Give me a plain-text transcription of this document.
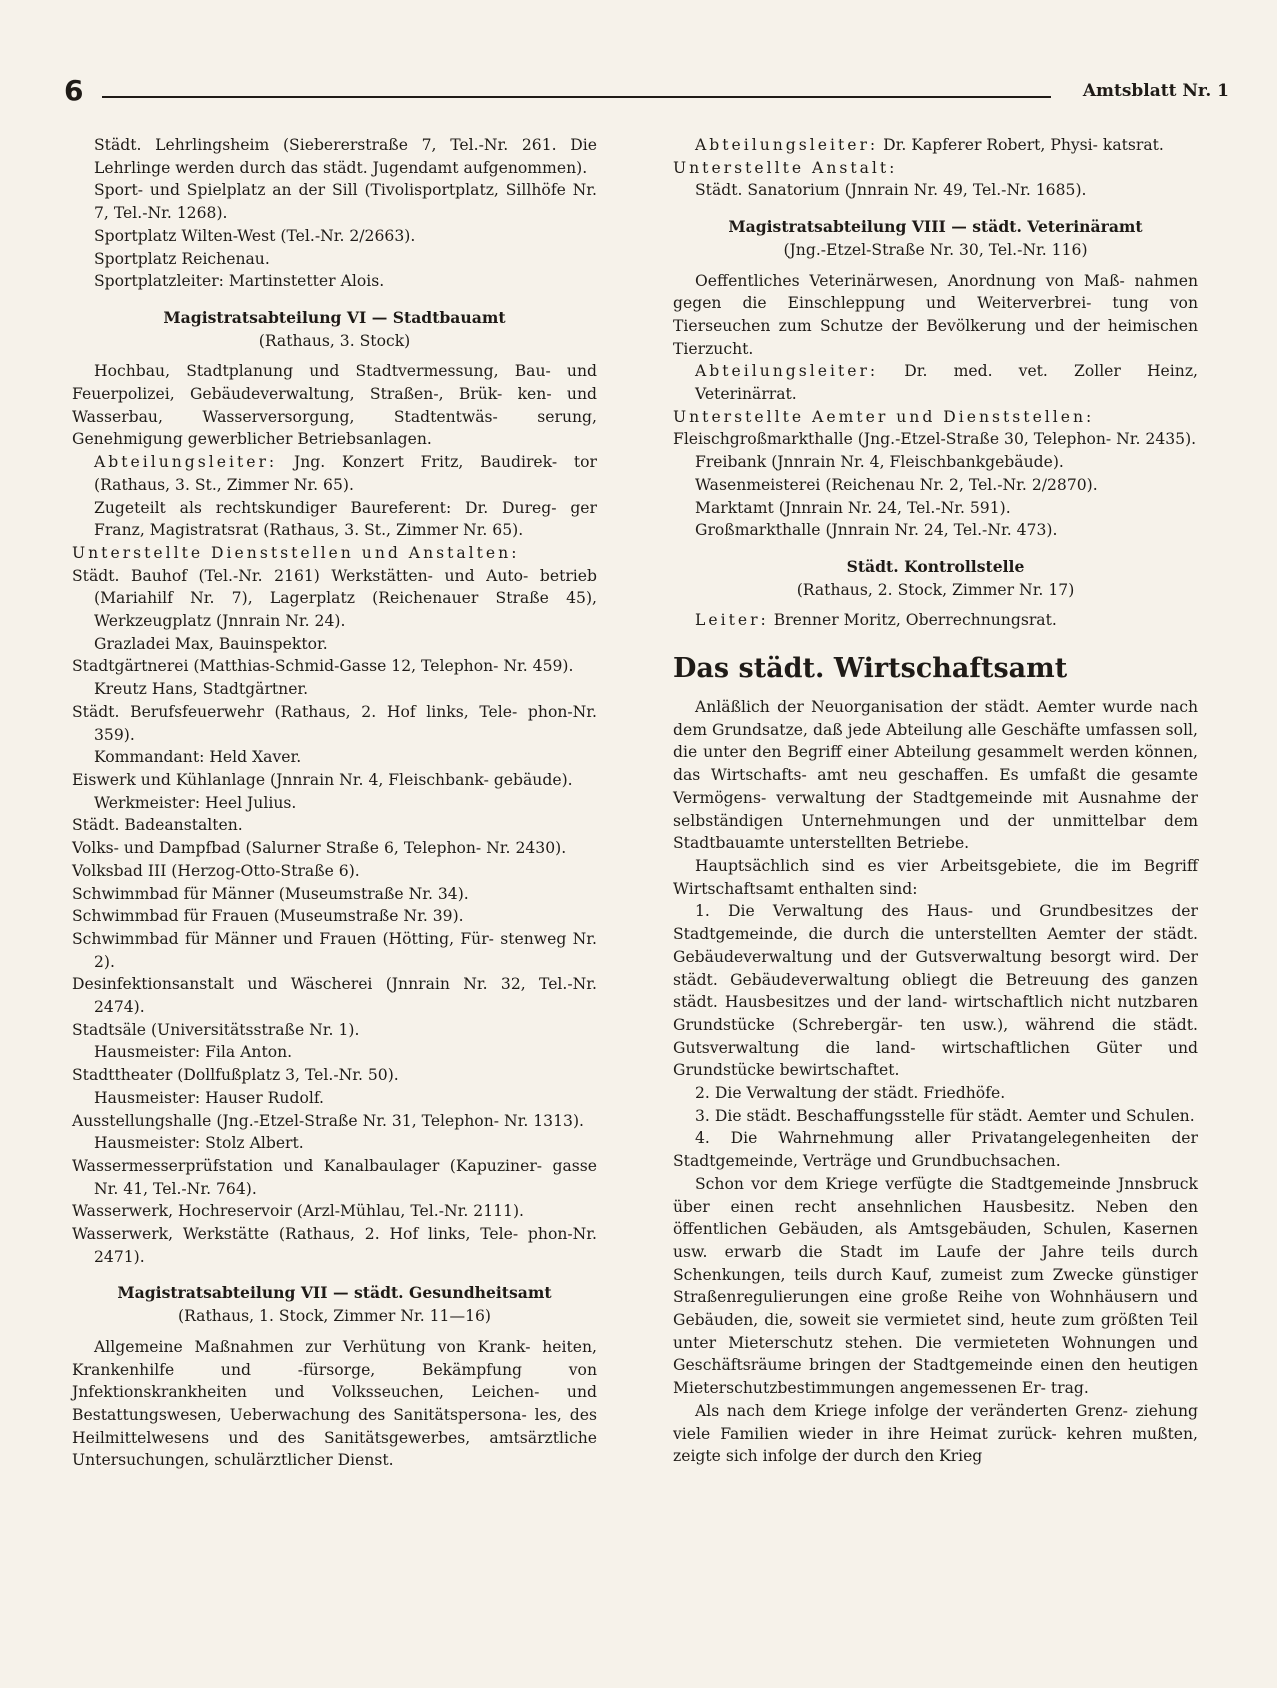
6	Amtsblatt Nr. 1

Städt. Lehrlingsheim (Siebererstraße 7, Tel.-Nr. 261. Die Lehrlinge werden durch das städt. Jugendamt aufgenommen).

Sport- und Spielplatz an der Sill (Tivolisportplatz, Sillhöfe Nr. 7, Tel.-Nr. 1268).

Sportplatz Wilten-West (Tel.-Nr. 2/2663).

Sportplatz Reichenau.

Sportplatzleiter: Martinstetter Alois.

Magistratsabteilung VI — Stadtbauamt

(Rathaus, 3. Stock)

Hochbau, Stadtplanung und Stadtvermessung, Bau- und Feuerpolizei, Gebäudeverwaltung, Straßen-, Brük- ken- und Wasserbau, Wasserversorgung, Stadtentwäs- serung, Genehmigung gewerblicher Betriebsanlagen.

Abteilungsleiter: Jng. Konzert Fritz, Baudirek- tor (Rathaus, 3. St., Zimmer Nr. 65).

Zugeteilt als rechtskundiger Baureferent: Dr. Dureg- ger Franz, Magistratsrat (Rathaus, 3. St., Zimmer Nr. 65).

Unterstellte Dienststellen und Anstalten:

Städt. Bauhof (Tel.-Nr. 2161) Werkstätten- und Auto- betrieb (Mariahilf Nr. 7), Lagerplatz (Reichenauer Straße 45), Werkzeugplatz (Jnnrain Nr. 24).

Grazladei Max, Bauinspektor.

Stadtgärtnerei (Matthias-Schmid-Gasse 12, Telephon- Nr. 459).

Kreutz Hans, Stadtgärtner.

Städt. Berufsfeuerwehr (Rathaus, 2. Hof links, Tele- phon-Nr. 359).

Kommandant: Held Xaver.

Eiswerk und Kühlanlage (Jnnrain Nr. 4, Fleischbank- gebäude).

Werkmeister: Heel Julius.

Städt. Badeanstalten.

Volks- und Dampfbad (Salurner Straße 6, Telephon- Nr. 2430).

Volksbad III (Herzog-Otto-Straße 6).

Schwimmbad für Männer (Museumstraße Nr. 34).

Schwimmbad für Frauen (Museumstraße Nr. 39).

Schwimmbad für Männer und Frauen (Hötting, Für- stenweg Nr. 2).

Desinfektionsanstalt und Wäscherei (Jnnrain Nr. 32, Tel.-Nr. 2474).

Stadtsäle (Universitätsstraße Nr. 1).

Hausmeister: Fila Anton.

Stadttheater (Dollfußplatz 3, Tel.-Nr. 50).

Hausmeister: Hauser Rudolf.

Ausstellungshalle (Jng.-Etzel-Straße Nr. 31, Telephon- Nr. 1313).

Hausmeister: Stolz Albert.

Wassermesserprüfstation und Kanalbaulager (Kapuziner- gasse Nr. 41, Tel.-Nr. 764).

Wasserwerk, Hochreservoir (Arzl-Mühlau, Tel.-Nr. 2111).

Wasserwerk, Werkstätte (Rathaus, 2. Hof links, Tele- phon-Nr. 2471).

Magistratsabteilung VII — städt. Gesundheitsamt

(Rathaus, 1. Stock, Zimmer Nr. 11—16)

Allgemeine Maßnahmen zur Verhütung von Krank- heiten, Krankenhilfe und -fürsorge, Bekämpfung von Jnfektionskrankheiten und Volksseuchen, Leichen- und Bestattungswesen, Ueberwachung des Sanitätspersona- les, des Heilmittelwesens und des Sanitätsgewerbes, amtsärztliche Untersuchungen, schulärztlicher Dienst.

Abteilungsleiter: Dr. Kapferer Robert, Physi- katsrat.

Unterstellte Anstalt:

Städt. Sanatorium (Jnnrain Nr. 49, Tel.-Nr. 1685).

Magistratsabteilung VIII — städt. Veterinäramt

(Jng.-Etzel-Straße Nr. 30, Tel.-Nr. 116)

Oeffentliches Veterinärwesen, Anordnung von Maß- nahmen gegen die Einschleppung und Weiterverbrei- tung von Tierseuchen zum Schutze der Bevölkerung und der heimischen Tierzucht.

Abteilungsleiter: Dr. med. vet. Zoller Heinz, Veterinärrat.

Unterstellte Aemter und Dienststellen:

Fleischgroßmarkthalle (Jng.-Etzel-Straße 30, Telephon- Nr. 2435).

Freibank (Jnnrain Nr. 4, Fleischbankgebäude).

Wasenmeisterei (Reichenau Nr. 2, Tel.-Nr. 2/2870).

Marktamt (Jnnrain Nr. 24, Tel.-Nr. 591).

Großmarkthalle (Jnnrain Nr. 24, Tel.-Nr. 473).

Städt. Kontrollstelle

(Rathaus, 2. Stock, Zimmer Nr. 17)

Leiter: Brenner Moritz, Oberrechnungsrat.

Das städt. Wirtschaftsamt

Anläßlich der Neuorganisation der städt. Aemter wurde nach dem Grundsatze, daß jede Abteilung alle Geschäfte umfassen soll, die unter den Begriff einer Abteilung gesammelt werden können, das Wirtschafts- amt neu geschaffen. Es umfaßt die gesamte Vermögens- verwaltung der Stadtgemeinde mit Ausnahme der selbständigen Unternehmungen und der unmittelbar dem Stadtbauamte unterstellten Betriebe.

Hauptsächlich sind es vier Arbeitsgebiete, die im Begriff Wirtschaftsamt enthalten sind:

1. Die Verwaltung des Haus- und Grundbesitzes der Stadtgemeinde, die durch die unterstellten Aemter der städt. Gebäudeverwaltung und der Gutsverwaltung besorgt wird. Der städt. Gebäudeverwaltung obliegt die Betreuung des ganzen städt. Hausbesitzes und der land- wirtschaftlich nicht nutzbaren Grundstücke (Schrebergär- ten usw.), während die städt. Gutsverwaltung die land- wirtschaftlichen Güter und Grundstücke bewirtschaftet.

2. Die Verwaltung der städt. Friedhöfe.

3. Die städt. Beschaffungsstelle für städt. Aemter und Schulen.

4. Die Wahrnehmung aller Privatangelegenheiten der Stadtgemeinde, Verträge und Grundbuchsachen.

Schon vor dem Kriege verfügte die Stadtgemeinde Jnnsbruck über einen recht ansehnlichen Hausbesitz. Neben den öffentlichen Gebäuden, als Amtsgebäuden, Schulen, Kasernen usw. erwarb die Stadt im Laufe der Jahre teils durch Schenkungen, teils durch Kauf, zumeist zum Zwecke günstiger Straßenregulierungen eine große Reihe von Wohnhäusern und Gebäuden, die, soweit sie vermietet sind, heute zum größten Teil unter Mieterschutz stehen. Die vermieteten Wohnungen und Geschäftsräume bringen der Stadtgemeinde einen den heutigen Mieterschutzbestimmungen angemessenen Er- trag.

Als nach dem Kriege infolge der veränderten Grenz- ziehung viele Familien wieder in ihre Heimat zurück- kehren mußten, zeigte sich infolge der durch den Krieg
